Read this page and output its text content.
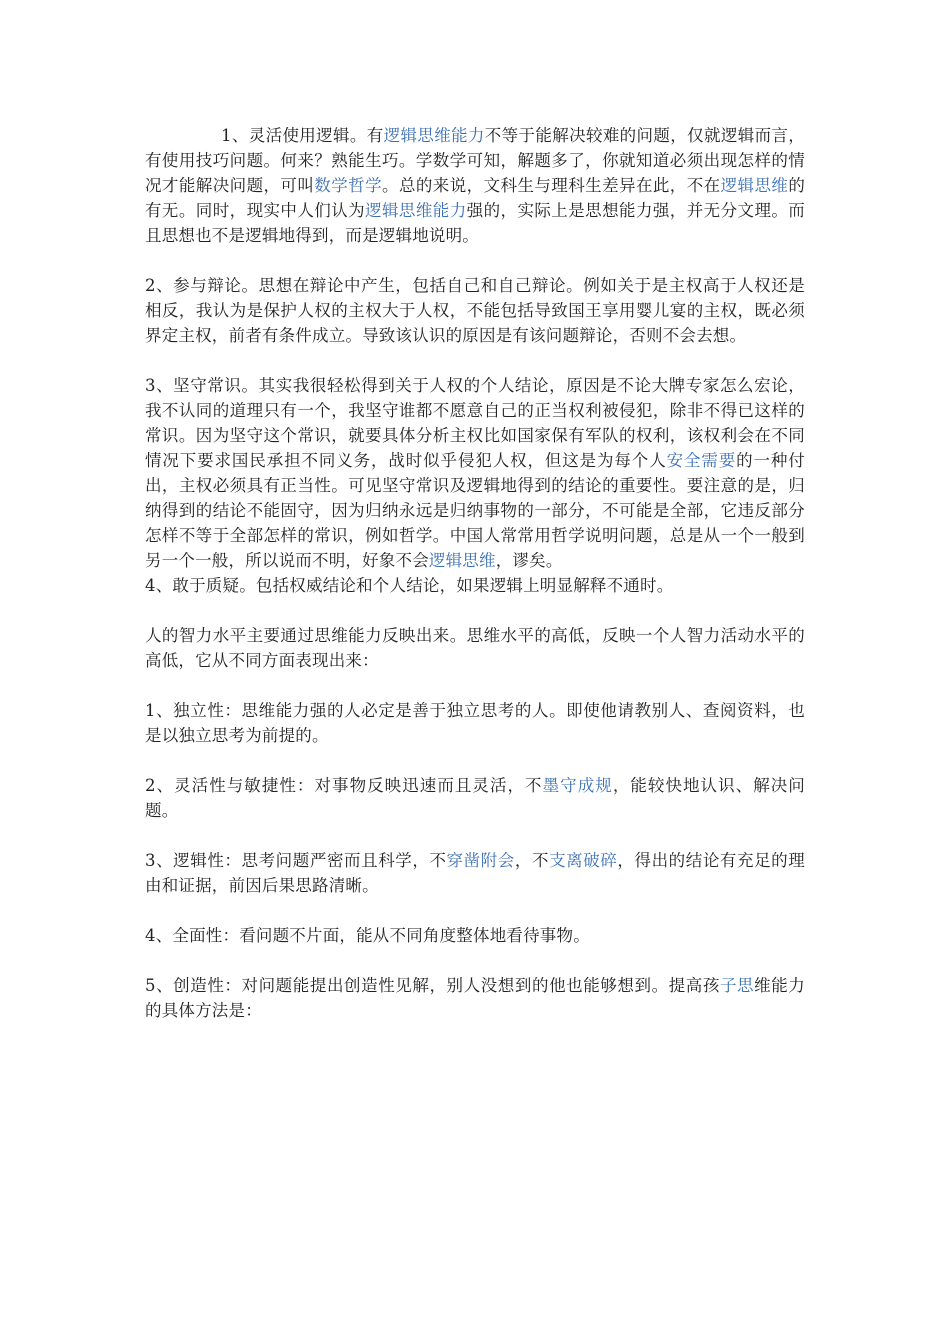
1、灵活使用逻辑。有逻辑思维能力不等于能解决较难的问题，仅就逻辑而言，有使用技巧问题。何来？熟能生巧。学数学可知，解题多了，你就知道必须出现怎样的情况才能解决问题，可叫数学哲学。总的来说，文科生与理科生差异在此，不在逻辑思维的有无。同时，现实中人们认为逻辑思维能力强的，实际上是思想能力强，并无分文理。而且思想也不是逻辑地得到，而是逻辑地说明。

2、参与辩论。思想在辩论中产生，包括自己和自己辩论。例如关于是主权高于人权还是相反，我认为是保护人权的主权大于人权，不能包括导致国王享用婴儿宴的主权，既必须界定主权，前者有条件成立。导致该认识的原因是有该问题辩论，否则不会去想。

3、坚守常识。其实我很轻松得到关于人权的个人结论，原因是不论大牌专家怎么宏论，我不认同的道理只有一个，我坚守谁都不愿意自己的正当权利被侵犯，除非不得已这样的常识。因为坚守这个常识，就要具体分析主权比如国家保有军队的权利，该权利会在不同情况下要求国民承担不同义务，战时似乎侵犯人权，但这是为每个人安全需要的一种付出，主权必须具有正当性。可见坚守常识及逻辑地得到的结论的重要性。要注意的是，归纳得到的结论不能固守，因为归纳永远是归纳事物的一部分，不可能是全部，它违反部分怎样不等于全部怎样的常识，例如哲学。中国人常常用哲学说明问题，总是从一个一般到另一个一般，所以说而不明，好象不会逻辑思维，谬矣。

4、敢于质疑。包括权威结论和个人结论，如果逻辑上明显解释不通时。

人的智力水平主要通过思维能力反映出来。思维水平的高低，反映一个人智力活动水平的高低，它从不同方面表现出来：

1、独立性：思维能力强的人必定是善于独立思考的人。即使他请教别人、查阅资料，也是以独立思考为前提的。

2、灵活性与敏捷性：对事物反映迅速而且灵活，不墨守成规，能较快地认识、解决问题。

3、逻辑性：思考问题严密而且科学，不穿凿附会，不支离破碎，得出的结论有充足的理由和证据，前因后果思路清晰。

4、全面性：看问题不片面，能从不同角度整体地看待事物。

5、创造性：对问题能提出创造性见解，别人没想到的他也能够想到。提高孩子思维能力的具体方法是：
